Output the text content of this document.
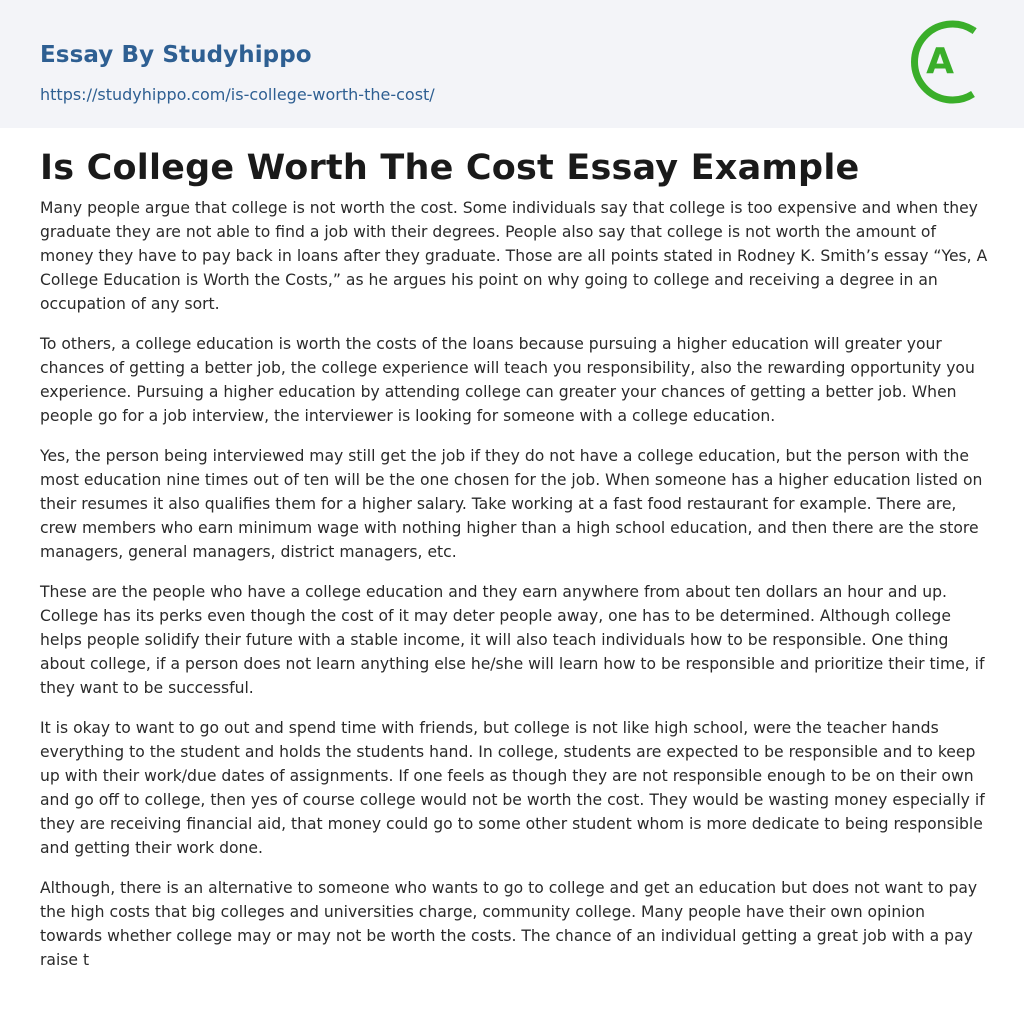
Essay By Studyhippo
https://studyhippo.com/is-college-worth-the-cost/
A
Is College Worth The Cost Essay Example

Many people argue that college is not worth the cost. Some individuals say that college is too expensive and when they graduate they are not able to find a job with their degrees. People also say that college is not worth the amount of money they have to pay back in loans after they graduate. Those are all points stated in Rodney K. Smith’s essay “Yes, A College Education is Worth the Costs,” as he argues his point on why going to college and receiving a degree in an occupation of any sort.

To others, a college education is worth the costs of the loans because pursuing a higher education will greater your chances of getting a better job, the college experience will teach you responsibility, also the rewarding opportunity you experience. Pursuing a higher education by attending college can greater your chances of getting a better job. When people go for a job interview, the interviewer is looking for someone with a college education.

Yes, the person being interviewed may still get the job if they do not have a college education, but the person with the most education nine times out of ten will be the one chosen for the job. When someone has a higher education listed on their resumes it also qualifies them for a higher salary. Take working at a fast food restaurant for example. There are, crew members who earn minimum wage with nothing higher than a high school education, and then there are the store managers, general managers, district managers, etc.

These are the people who have a college education and they earn anywhere from about ten dollars an hour and up. College has its perks even though the cost of it may deter people away, one has to be determined. Although college helps people solidify their future with a stable income, it will also teach individuals how to be responsible. One thing about college, if a person does not learn anything else he/she will learn how to be responsible and prioritize their time, if they want to be successful.

It is okay to want to go out and spend time with friends, but college is not like high school, were the teacher hands everything to the student and holds the students hand. In college, students are expected to be responsible and to keep up with their work/due dates of assignments. If one feels as though they are not responsible enough to be on their own and go off to college, then yes of course college would not be worth the cost. They would be wasting money especially if they are receiving financial aid, that money could go to some other student whom is more dedicate to being responsible and getting their work done.

Although, there is an alternative to someone who wants to go to college and get an education but does not want to pay the high costs that big colleges and universities charge, community college. Many people have their own opinion towards whether college may or may not be worth the costs. The chance of an individual getting a great job with a pay raise t
